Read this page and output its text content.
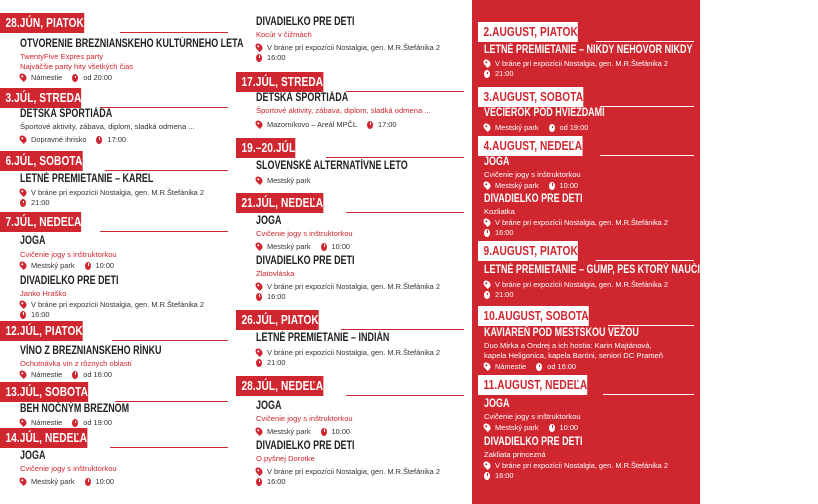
28.JÚN, PIATOK
OTVORENIE BREZNIANSKEHO KULTÚRNEHO LETA
TwentyFive Expres party
Najväčšie party hity všetkých čias
Námestie	od 20:00
3.JÚL, STREDA
DETSKÁ ŠPORTIÁDA
Športové aktivity, zábava, diplom, sladká odmena ...
Dopravné ihrisko	17:00
6.JÚL, SOBOTA
LETNÉ PREMIETANIE – KAREL
V bráne pri expozícii Nostalgia, gen. M.R.Štefánika 2
21:00
7.JÚL, NEDEĽA
JOGA
Cvičenie jogy s inštruktorkou
Mestský park	10:00
DIVADIELKO PRE DETI
Janko Hraško
V bráne pri expozícii Nostalgia, gen. M.R.Štefánika 2
16:00
12.JÚL, PIATOK
VÍNO Z BREZNIANSKEHO RÍNKU
Ochutnávka vín z rôznych oblastí
Námestie	od 16:00
13.JÚL, SOBOTA
BEH NOČNÝM BREZNOM
Námestie	od 19:00
14.JÚL, NEDEĽA
JOGA
Cvičenie jogy s inštruktorkou
Mestský park	10:00
DIVADIELKO PRE DETI
Kocúr v čižmách
V bráne pri expozícii Nostalgia, gen. M.R.Štefánika 2
16:00
17.JÚL, STREDA
DETSKÁ ŠPORTIÁDA
Športové aktivity, zábava, diplom, sladká odmena ...
Mazorníkovo – Areál MPČL	17:00
19.–20.JÚL
SLOVENSKÉ ALTERNATÍVNE LETO
Mestský park
21.JÚL, NEDEĽA
JOGA
Cvičenie jogy s inštruktorkou
Mestský park	10:00
DIVADIELKO PRE DETI
Zlatovláska
V bráne pri expozícii Nostalgia, gen. M.R.Štefánika 2
16:00
26.JÚL, PIATOK
LETNÉ PREMIETANIE – INDIÁN
V bráne pri expozícii Nostalgia, gen. M.R.Štefánika 2
21:00
28.JÚL, NEDEĽA
JOGA
Cvičenie jogy s inštruktorkou
Mestský park	10:00
DIVADIELKO PRE DETI
O pyšnej Dorotke
V bráne pri expozícii Nostalgia, gen. M.R.Štefánika 2
16:00
2.AUGUST, PIATOK
LETNÉ PREMIETANIE – NIKDY NEHOVOR NIKDY
V bráne pri expozícii Nostalgia, gen. M.R.Štefánika 2
21:00
3.AUGUST, SOBOTA
VEČIEROK POD HVIEZDAMI
Mestský park	od 19:00
4.AUGUST, NEDEĽA
JOGA
Cvičenie jogy s inštruktorkou
Mestský park	10:00
DIVADIELKO PRE DETI
Kozliatka
V bráne pri expozícii Nostalgia, gen. M.R.Štefánika 2
16:00
9.AUGUST, PIATOK
LETNÉ PREMIETANIE – GUMP, PES KTORÝ NAUČIL ĽUDÍ ŽIŤ
V bráne pri expozícii Nostalgia, gen. M.R.Štefánika 2
21:00
10.AUGUST, SOBOTA
KAVIAREŇ POD MESTSKOU VEŽOU
Duo Mirka a Ondrej a ich hostia: Karin Majtánová,
kapela Heligonica, kapela Baróni, seniori DC Prameň
Námestie	od 16:00
11.AUGUST, NEDEĽA
JOGA
Cvičenie jogy s inštruktorkou
Mestský park	10:00
DIVADIELKO PRE DETI
Zakliata princezná
V bráne pri expozícii Nostalgia, gen. M.R.Štefánika 2
16:00
